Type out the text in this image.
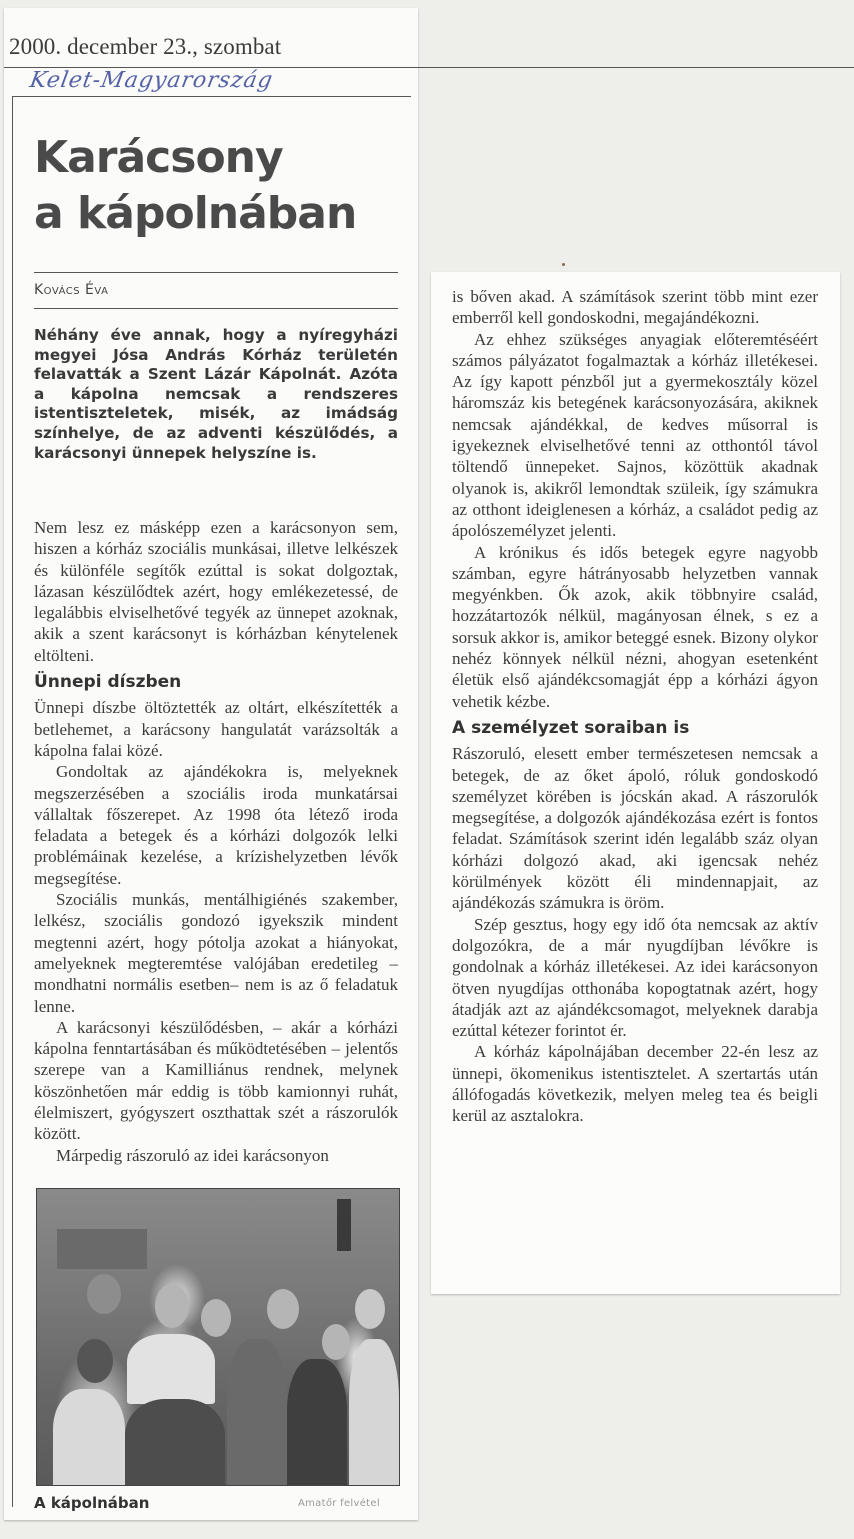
2000. december 23., szombat
Kelet-Magyarország
Karácsony
a kápolnában
Kovács Éva
Néhány éve annak, hogy a nyíregyházi megyei Jósa András Kórház területén felavatták a Szent Lázár Kápolnát. Azóta a kápolna nemcsak a rendszeres istentiszteletek, misék, az imádság színhelye, de az adventi készülődés, a karácsonyi ünnepek helyszíne is.

Nem lesz ez másképp ezen a karácsonyon sem, hiszen a kórház szociális munkásai, illetve lelkészek és különféle segítők ezúttal is sokat dolgoztak, lázasan készülődtek azért, hogy emlékezetessé, de legalábbis elviselhetővé tegyék az ünnepet azoknak, akik a szent karácsonyt is kórházban kénytelenek eltölteni.

Ünnepi díszben

Ünnepi díszbe öltöztették az oltárt, elkészítették a betlehemet, a karácsony hangulatát varázsolták a kápolna falai közé.

Gondoltak az ajándékokra is, melyeknek megszerzésében a szociális iroda munkatársai vállaltak főszerepet. Az 1998 óta létező iroda feladata a betegek és a kórházi dolgozók lelki problémáinak kezelése, a krízishelyzetben lévők megsegítése.

Szociális munkás, mentálhigiénés szakember, lelkész, szociális gondozó igyekszik mindent megtenni azért, hogy pótolja azokat a hiányokat, amelyeknek megteremtése valójában eredetileg – mondhatni normális esetben– nem is az ő feladatuk lenne.

A karácsonyi készülődésben, – akár a kórházi kápolna fenntartásában és működtetésében – jelentős szerepe van a Kamilliánus rendnek, melynek köszönhetően már eddig is több kamionnyi ruhát, élelmiszert, gyógyszert oszthattak szét a rászorulók között.

Márpedig rászoruló az idei karácsonyon

A kápolnában	Amatőr felvétel

is bőven akad. A számítások szerint több mint ezer emberről kell gondoskodni, megajándékozni.

Az ehhez szükséges anyagiak előteremtéséért számos pályázatot fogalmaztak a kórház illetékesei. Az így kapott pénzből jut a gyermekosztály közel háromszáz kis betegének karácsonyozására, akiknek nemcsak ajándékkal, de kedves műsorral is igyekeznek elviselhetővé tenni az otthontól távol töltendő ünnepeket. Sajnos, közöttük akadnak olyanok is, akikről lemondtak szüleik, így számukra az otthont ideiglenesen a kórház, a családot pedig az ápolószemélyzet jelenti.

A krónikus és idős betegek egyre nagyobb számban, egyre hátrányosabb helyzetben vannak megyénkben. Ők azok, akik többnyire család, hozzátartozók nélkül, magányosan élnek, s ez a sorsuk akkor is, amikor beteggé esnek. Bizony olykor nehéz könnyek nélkül nézni, ahogyan esetenként életük első ajándékcsomagját épp a kórházi ágyon vehetik kézbe.

A személyzet soraiban is

Rászoruló, elesett ember természetesen nemcsak a betegek, de az őket ápoló, róluk gondoskodó személyzet körében is jócskán akad. A rászorulók megsegítése, a dolgozók ajándékozása ezért is fontos feladat. Számítások szerint idén legalább száz olyan kórházi dolgozó akad, aki igencsak nehéz körülmények között éli mindennapjait, az ajándékozás számukra is öröm.

Szép gesztus, hogy egy idő óta nemcsak az aktív dolgozókra, de a már nyugdíjban lévőkre is gondolnak a kórház illetékesei. Az idei karácsonyon ötven nyugdíjas otthonába kopogtatnak azért, hogy átadják azt az ajándékcsomagot, melyeknek darabja ezúttal kétezer forintot ér.

A kórház kápolnájában december 22-én lesz az ünnepi, ökomenikus istentisztelet. A szertartás után állófogadás következik, melyen meleg tea és beigli kerül az asztalokra.
